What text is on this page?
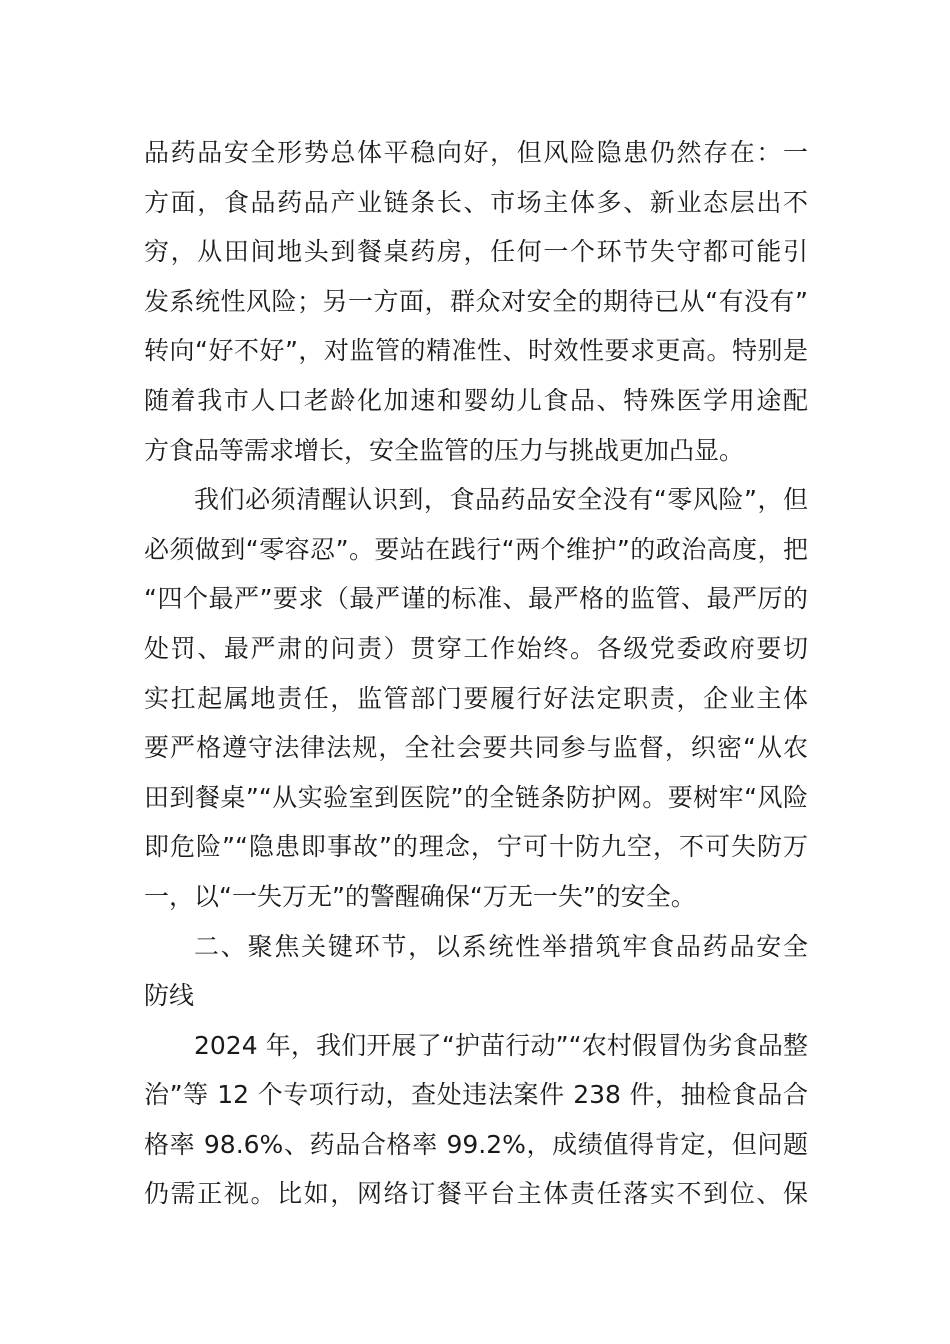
品药品安全形势总体平稳向好，但风险隐患仍然存在：一
方面，食品药品产业链条长、市场主体多、新业态层出不
穷，从田间地头到餐桌药房，任何一个环节失守都可能引
发系统性风险；另一方面，群众对安全的期待已从“有没有”
转向“好不好”，对监管的精准性、时效性要求更高。特别是
随着我市人口老龄化加速和婴幼儿食品、特殊医学用途配
方食品等需求增长，安全监管的压力与挑战更加凸显。
我们必须清醒认识到，食品药品安全没有“零风险”，但
必须做到“零容忍”。要站在践行“两个维护”的政治高度，把
“四个最严”要求（最严谨的标准、最严格的监管、最严厉的
处罚、最严肃的问责）贯穿工作始终。各级党委政府要切
实扛起属地责任，监管部门要履行好法定职责，企业主体
要严格遵守法律法规，全社会要共同参与监督，织密“从农
田到餐桌”“从实验室到医院”的全链条防护网。要树牢“风险
即危险”“隐患即事故”的理念，宁可十防九空，不可失防万
一，以“一失万无”的警醒确保“万无一失”的安全。
二、聚焦关键环节，以系统性举措筑牢食品药品安全
防线
2024 年，我们开展了“护苗行动”“农村假冒伪劣食品整
治”等 12 个专项行动，查处违法案件 238 件，抽检食品合
格率 98.6%、药品合格率 99.2%，成绩值得肯定，但问题
仍需正视。比如，网络订餐平台主体责任落实不到位、保
